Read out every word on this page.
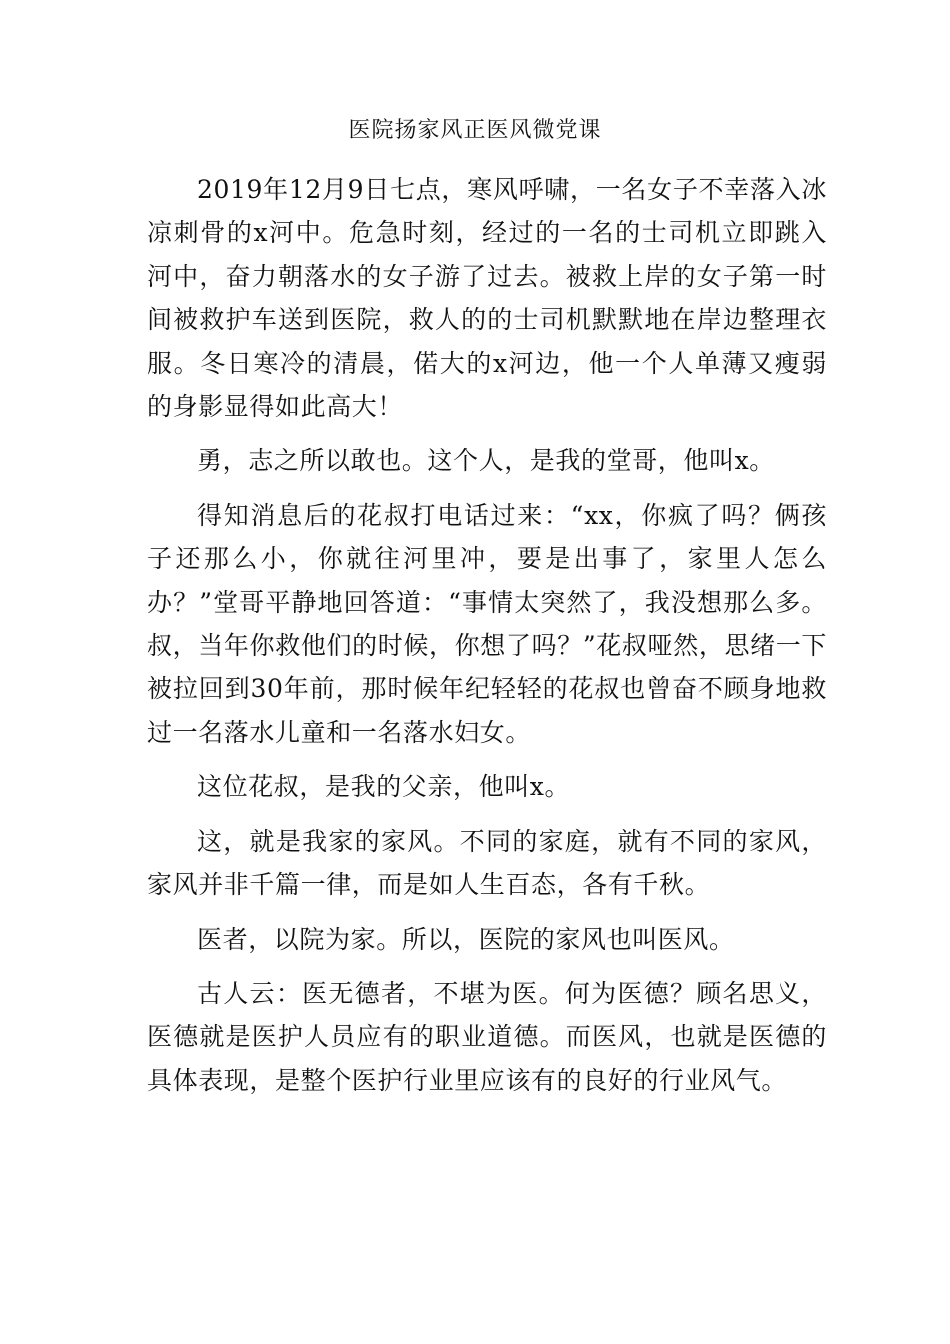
医院扬家风正医风微党课

2019年12月9日七点，寒风呼啸，一名女子不幸落入冰凉刺骨的x河中。危急时刻，经过的一名的士司机立即跳入河中，奋力朝落水的女子游了过去。被救上岸的女子第一时间被救护车送到医院，救人的的士司机默默地在岸边整理衣服。冬日寒冷的清晨，偌大的x河边，他一个人单薄又瘦弱的身影显得如此高大！

勇，志之所以敢也。这个人，是我的堂哥，他叫x。

得知消息后的花叔打电话过来：“xx，你疯了吗？俩孩子还那么小，你就往河里冲，要是出事了，家里人怎么办？”堂哥平静地回答道：“事情太突然了，我没想那么多。叔，当年你救他们的时候，你想了吗？”花叔哑然，思绪一下被拉回到30年前，那时候年纪轻轻的花叔也曾奋不顾身地救过一名落水儿童和一名落水妇女。

这位花叔，是我的父亲，他叫x。

这，就是我家的家风。不同的家庭，就有不同的家风，家风并非千篇一律，而是如人生百态，各有千秋。

医者，以院为家。所以，医院的家风也叫医风。

古人云：医无德者，不堪为医。何为医德？顾名思义，医德就是医护人员应有的职业道德。而医风，也就是医德的具体表现，是整个医护行业里应该有的良好的行业风气。
